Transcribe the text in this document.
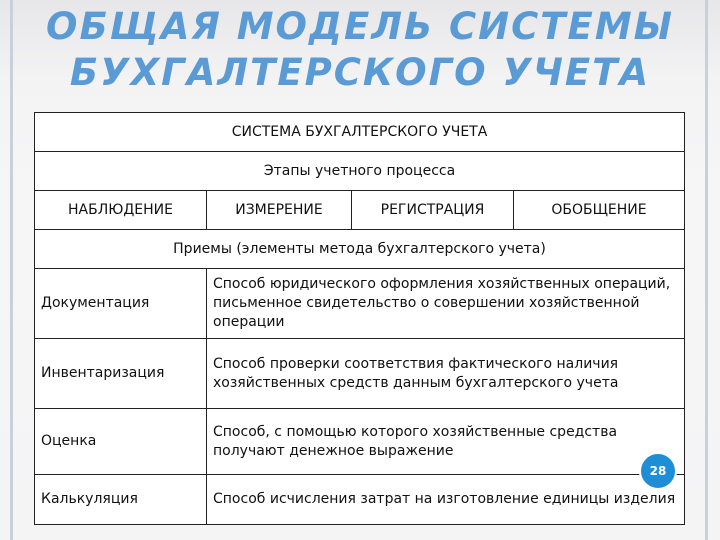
ОБЩАЯ МОДЕЛЬ СИСТЕМЫ
БУХГАЛТЕРСКОГО УЧЕТА
СИСТЕМА БУХГАЛТЕРСКОГО УЧЕТА			
Этапы учетного процесса			
НАБЛЮДЕНИЕ	ИЗМЕРЕНИЕ	РЕГИСТРАЦИЯ	ОБОБЩЕНИЕ
Приемы (элементы метода бухгалтерского учета)			
Документация	Способ юридического оформления хозяйственных операций, письменное свидетельство о совершении хозяйственной операции		
Инвентаризация	Способ проверки соответствия фактического наличия хозяйственных средств данным бухгалтерского учета		
Оценка	Способ, с помощью которого хозяйственные средства получают денежное выражение		
Калькуляция	Способ исчисления затрат на изготовление единицы изделия		
28
